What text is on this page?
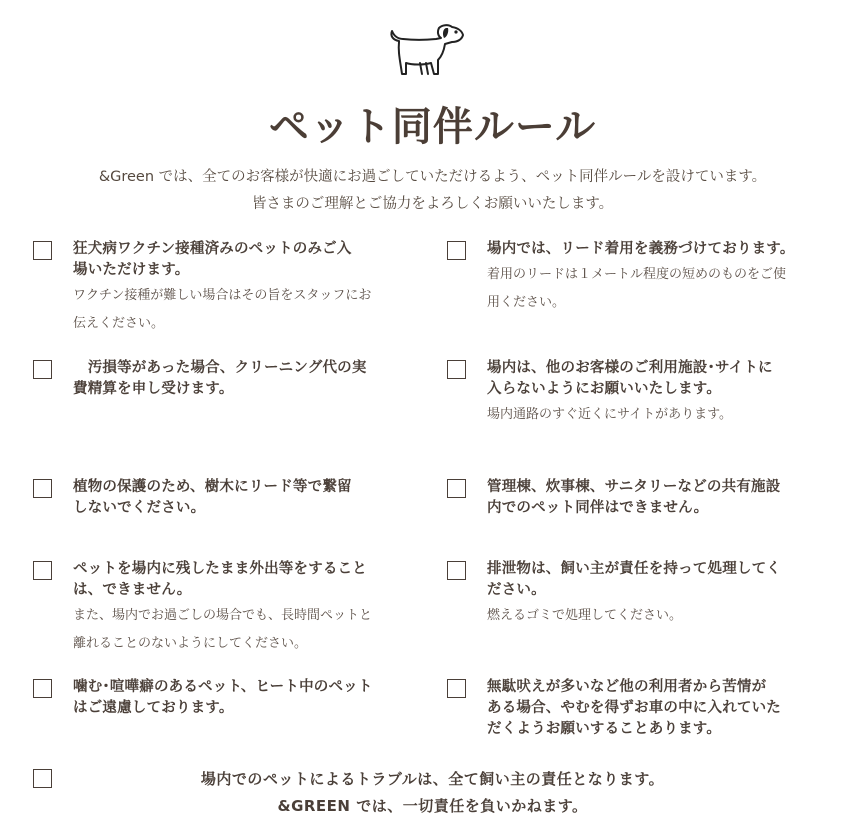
ペット同伴ルール
&Green では、全てのお客様が快適にお過ごしていただけるよう、ペット同伴ルールを設けています。
皆さまのご理解とご協力をよろしくお願いいたします。
狂犬病ワクチン接種済みのペットのみご入
場いただけます。
ワクチン接種が難しい場合はその旨をスタッフにお
伝えください。
場内では、リード着用を義務づけております。
着用のリードは１メートル程度の短めのものをご使
用ください。
　汚損等があった場合、クリーニング代の実
費精算を申し受けます。
場内は、他のお客様のご利用施設･サイトに
入らないようにお願いいたします。
場内通路のすぐ近くにサイトがあります。
植物の保護のため、樹木にリード等で繋留
しないでください。
管理棟、炊事棟、サニタリーなどの共有施設
内でのペット同伴はできません。
ペットを場内に残したまま外出等をすること
は、できません。
また、場内でお過ごしの場合でも、長時間ペットと
離れることのないようにしてください。
排泄物は、飼い主が責任を持って処理してく
ださい。
燃えるゴミで処理してください。
噛む･喧嘩癖のあるペット、ヒート中のペット
はご遠慮しております。
無駄吠えが多いなど他の利用者から苦情が
ある場合、やむを得ずお車の中に入れていた
だくようお願いすることあります。
場内でのペットによるトラブルは、全て飼い主の責任となります。
&GREEN では、一切責任を負いかねます。
